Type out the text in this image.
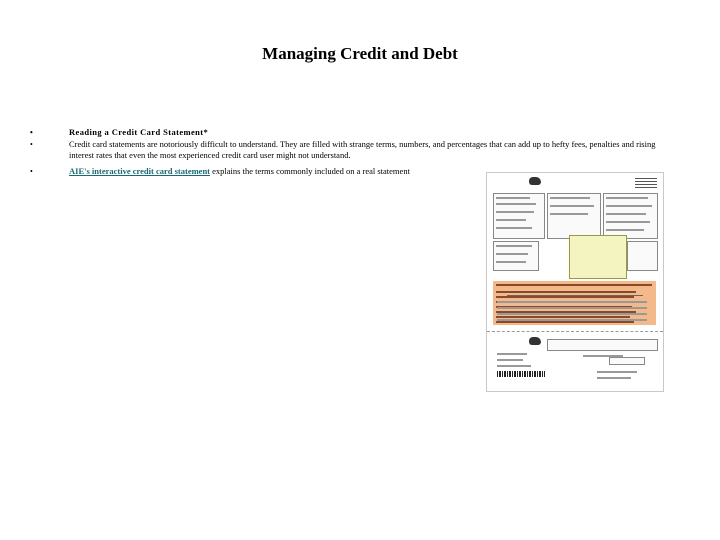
Managing Credit and Debt

•	Reading a Credit Card Statement*

•	Credit card statements are notoriously difficult to understand. They are filled with strange terms, numbers, and percentages that can add up to hefty fees, penalties and rising interest rates that even the most experienced credit card user might not understand.

•	AIE's interactive credit card statement explains the terms commonly included on a real statement
